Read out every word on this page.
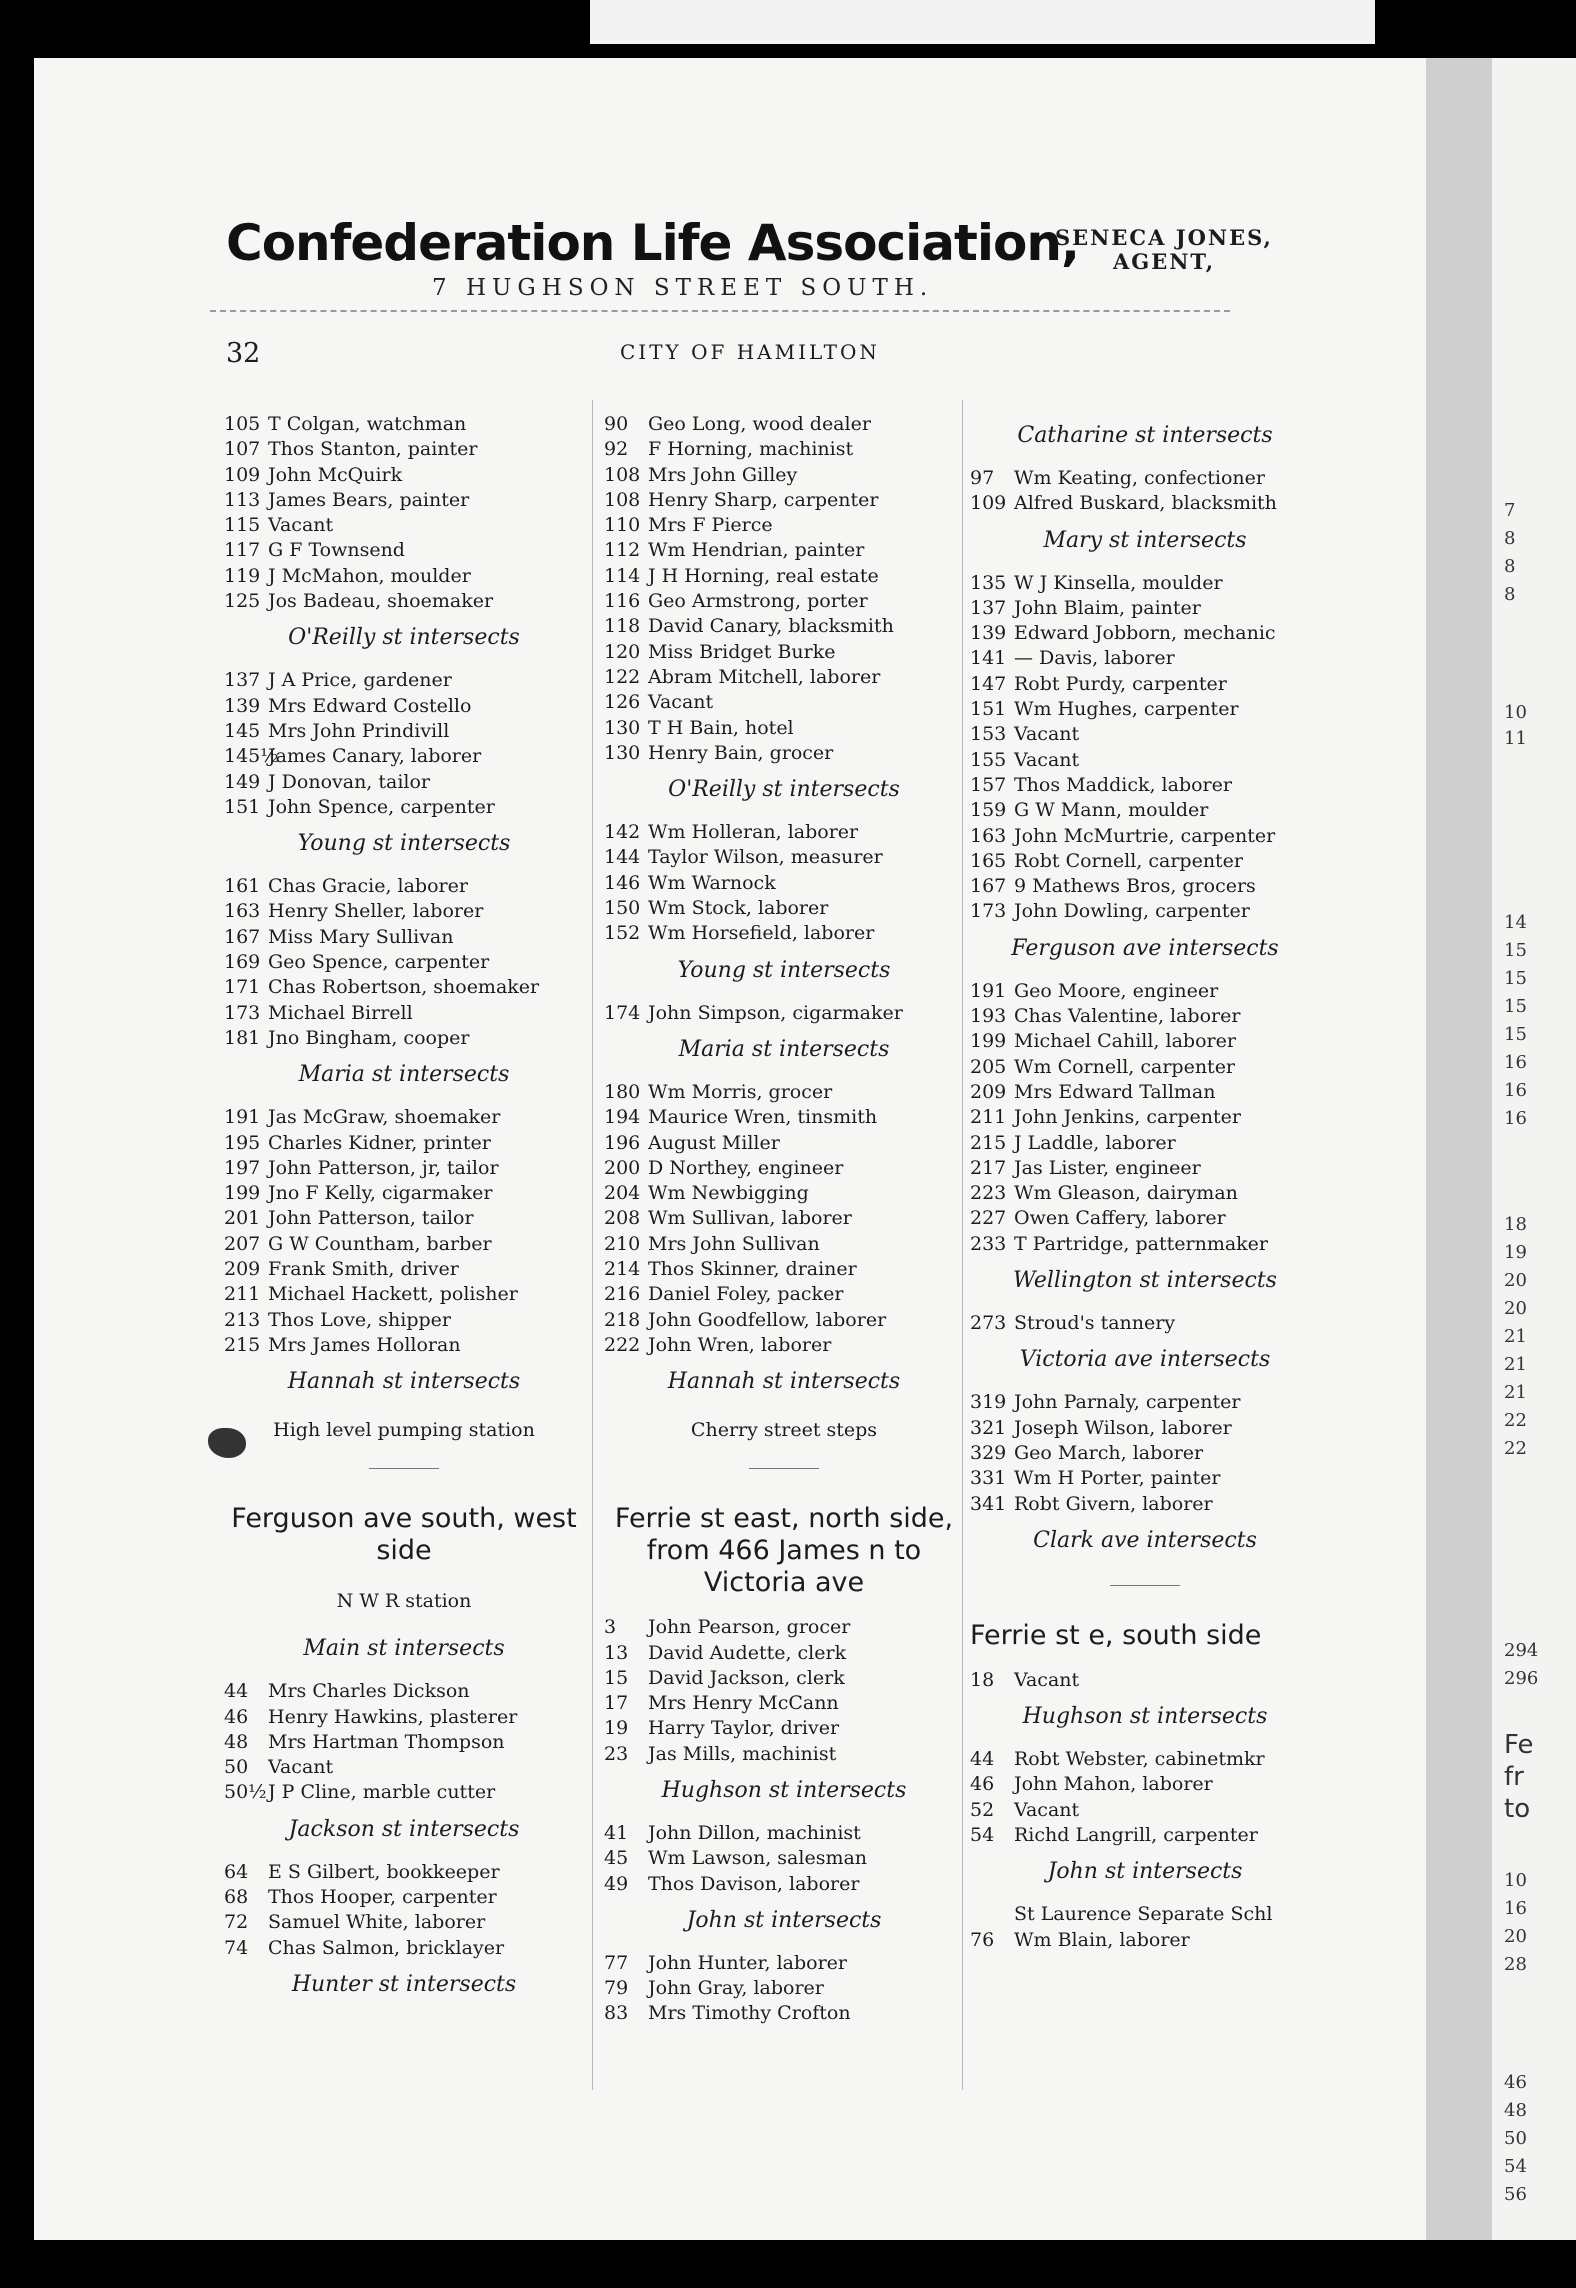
7
8
8
8
10
11
14
15
15
15
15
16
16
16
18
19
20
20
21
21
21
22
22
294
296
Fe
fr
to
10
16
20
28
46
48
50
54
56
Confederation Life Association,
SENECA JONES,
AGENT,
7 HUGHSON STREET SOUTH.
32	CITY OF HAMILTON
105 T Colgan, watchman
107 Thos Stanton, painter
109 John McQuirk
113 James Bears, painter
115 Vacant
117 G F Townsend
119 J McMahon, moulder
125 Jos Badeau, shoemaker
O'Reilly st intersects
137 J A Price, gardener
139 Mrs Edward Costello
145 Mrs John Prindivill
145½James Canary, laborer
149 J Donovan, tailor
151 John Spence, carpenter
Young st intersects
161 Chas Gracie, laborer
163 Henry Sheller, laborer
167 Miss Mary Sullivan
169 Geo Spence, carpenter
171 Chas Robertson, shoemaker
173 Michael Birrell
181 Jno Bingham, cooper
Maria st intersects
191 Jas McGraw, shoemaker
195 Charles Kidner, printer
197 John Patterson, jr, tailor
199 Jno F Kelly, cigarmaker
201 John Patterson, tailor
207 G W Countham, barber
209 Frank Smith, driver
211 Michael Hackett, polisher
213 Thos Love, shipper
215 Mrs James Holloran
Hannah st intersects
High level pumping station
Ferguson ave south, west side
N W R station
Main st intersects
44 Mrs Charles Dickson
46 Henry Hawkins, plasterer
48 Mrs Hartman Thompson
50 Vacant
50½J P Cline, marble cutter
Jackson st intersects
64 E S Gilbert, bookkeeper
68 Thos Hooper, carpenter
72 Samuel White, laborer
74 Chas Salmon, bricklayer
Hunter st intersects
90 Geo Long, wood dealer
92 F Horning, machinist
108 Mrs John Gilley
108 Henry Sharp, carpenter
110 Mrs F Pierce
112 Wm Hendrian, painter
114 J H Horning, real estate
116 Geo Armstrong, porter
118 David Canary, blacksmith
120 Miss Bridget Burke
122 Abram Mitchell, laborer
126 Vacant
130 T H Bain, hotel
130 Henry Bain, grocer
O'Reilly st intersects
142 Wm Holleran, laborer
144 Taylor Wilson, measurer
146 Wm Warnock
150 Wm Stock, laborer
152 Wm Horsefield, laborer
Young st intersects
174 John Simpson, cigarmaker
Maria st intersects
180 Wm Morris, grocer
194 Maurice Wren, tinsmith
196 August Miller
200 D Northey, engineer
204 Wm Newbigging
208 Wm Sullivan, laborer
210 Mrs John Sullivan
214 Thos Skinner, drainer
216 Daniel Foley, packer
218 John Goodfellow, laborer
222 John Wren, laborer
Hannah st intersects
Cherry street steps
Ferrie st east, north side, from 466 James n to Victoria ave
3 John Pearson, grocer
13 David Audette, clerk
15 David Jackson, clerk
17 Mrs Henry McCann
19 Harry Taylor, driver
23 Jas Mills, machinist
Hughson st intersects
41 John Dillon, machinist
45 Wm Lawson, salesman
49 Thos Davison, laborer
John st intersects
77 John Hunter, laborer
79 John Gray, laborer
83 Mrs Timothy Crofton
Catharine st intersects
97 Wm Keating, confectioner
109 Alfred Buskard, blacksmith
Mary st intersects
135 W J Kinsella, moulder
137 John Blaim, painter
139 Edward Jobborn, mechanic
141 — Davis, laborer
147 Robt Purdy, carpenter
151 Wm Hughes, carpenter
153 Vacant
155 Vacant
157 Thos Maddick, laborer
159 G W Mann, moulder
163 John McMurtrie, carpenter
165 Robt Cornell, carpenter
167 9 Mathews Bros, grocers
173 John Dowling, carpenter
Ferguson ave intersects
191 Geo Moore, engineer
193 Chas Valentine, laborer
199 Michael Cahill, laborer
205 Wm Cornell, carpenter
209 Mrs Edward Tallman
211 John Jenkins, carpenter
215 J Laddle, laborer
217 Jas Lister, engineer
223 Wm Gleason, dairyman
227 Owen Caffery, laborer
233 T Partridge, patternmaker
Wellington st intersects
273 Stroud's tannery
Victoria ave intersects
319 John Parnaly, carpenter
321 Joseph Wilson, laborer
329 Geo March, laborer
331 Wm H Porter, painter
341 Robt Givern, laborer
Clark ave intersects
Ferrie st e, south side
18 Vacant
Hughson st intersects
44 Robt Webster, cabinetmkr
46 John Mahon, laborer
52 Vacant
54 Richd Langrill, carpenter
John st intersects
St Laurence Separate Schl
76 Wm Blain, laborer
